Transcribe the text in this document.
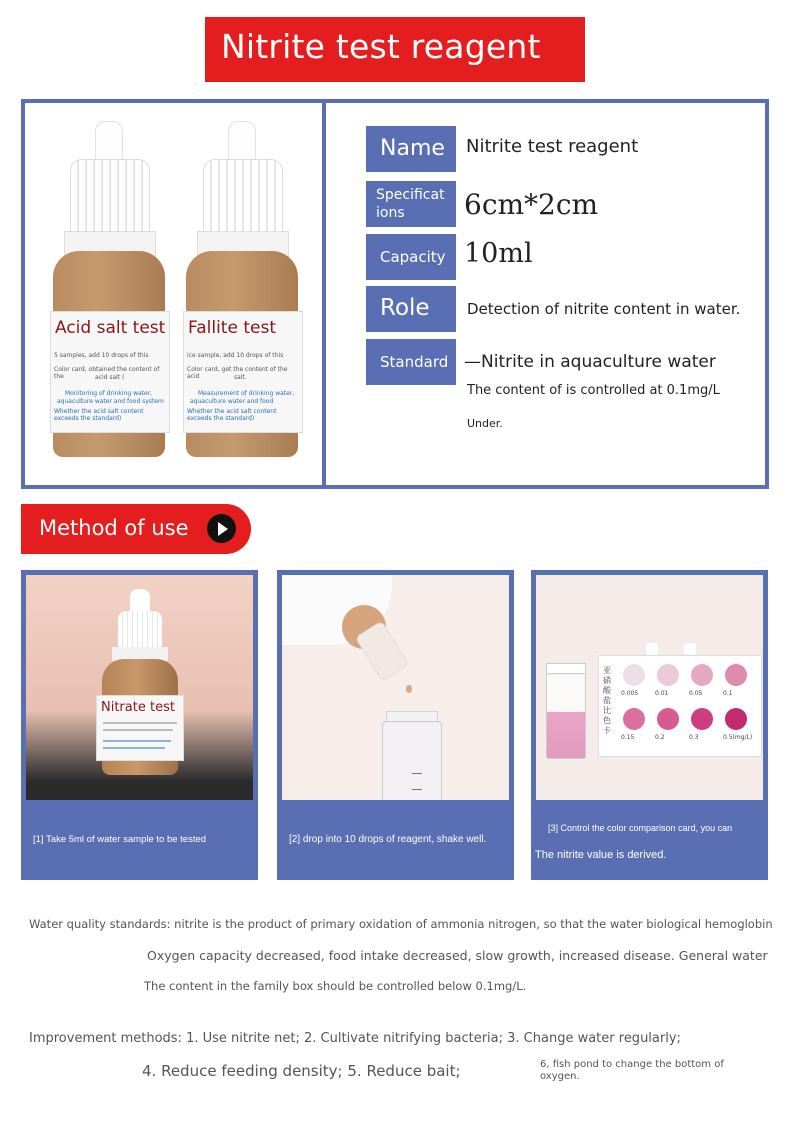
Nitrite test reagent
Acid salt test
5 samples, add 10 drops of this
Color card, obtained the content of the	acid salt (
Monitoring of drinking water,
aquaculture water and food system
Whether the acid salt content
exceeds the standard)
Fallite test
ice sample, add 10 drops of this
Color card, get the content of the acid	salt.
Measurement of drinking water,
aquaculture water and food
Whether the acid salt content
exceeds the standard)
Name Nitrite test reagent
Specificat
ions 6cm*2cm
Capacity 10ml
Role Detection of nitrite content in water.
Standard —Nitrite in aquaculture water
The content of is controlled at 0.1mg/L
Under.
Method of use
Nitrate test
[1] Take 5ml of water sample to be tested	[2] drop into 10 drops of reagent, shake well.
亚硝酸盐比色卡
0.005	0.01	0.05	0.1
0.15	0.2	0.3	0.5(mg/L)
[3] Control the color comparison card, you can
The nitrite value is derived.
Water quality standards: nitrite is the product of primary oxidation of ammonia nitrogen, so that the water biological hemoglobin
Oxygen capacity decreased, food intake decreased, slow growth, increased disease. General water
The content in the family box should be controlled below 0.1mg/L.
Improvement methods: 1. Use nitrite net; 2. Cultivate nitrifying bacteria; 3. Change water regularly;
4. Reduce feeding density; 5. Reduce bait;	6, fish pond to change the bottom of
oxygen.
